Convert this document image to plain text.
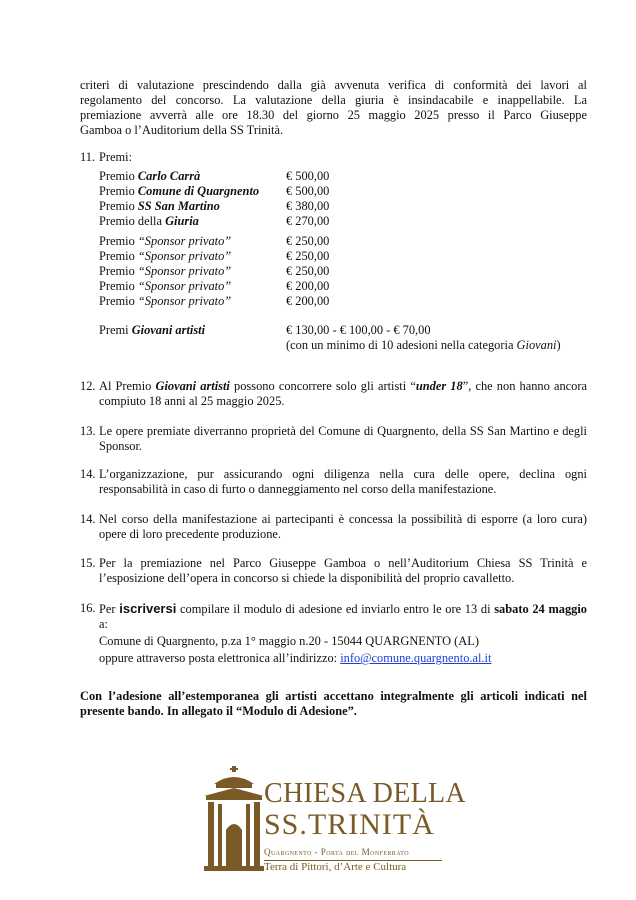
criteri di valutazione prescindendo dalla già avvenuta verifica di conformità dei lavori al
regolamento del concorso. La valutazione della giuria è insindacabile e inappellabile. La
premiazione avverrà alle ore 18.30 del giorno 25 maggio 2025 presso il Parco Giuseppe
Gamboa o l’Auditorium della SS Trinità.
11. Premi:
Premio Carlo Carrà	€ 500,00
Premio Comune di Quargnento € 500,00
Premio SS San Martino	€ 380,00
Premio della Giuria	€ 270,00
Premio “Sponsor privato”	€ 250,00
Premio “Sponsor privato”	€ 250,00
Premio “Sponsor privato”	€ 250,00
Premio “Sponsor privato”	€ 200,00
Premio “Sponsor privato”	€ 200,00
Premi Giovani artisti	€ 130,00 - € 100,00 - € 70,00
(con un minimo di 10 adesioni nella categoria Giovani)
12. Al Premio Giovani artisti possono concorrere solo gli artisti “under 18”, che non hanno ancora compiuto 18 anni al 25 maggio 2025.
13. Le opere premiate diverranno proprietà del Comune di Quargnento, della SS San Martino e degli Sponsor.
14. L’organizzazione, pur assicurando ogni diligenza nella cura delle opere, declina ogni responsabilità in caso di furto o danneggiamento nel corso della manifestazione.
14. Nel corso della manifestazione ai partecipanti è concessa la possibilità di esporre (a loro cura) opere di loro precedente produzione.
15. Per la premiazione nel Parco Giuseppe Gamboa o nell’Auditorium Chiesa SS Trinità e l’esposizione dell’opera in concorso si chiede la disponibilità del proprio cavalletto.
16. Per iscriversi compilare il modulo di adesione ed inviarlo entro le ore 13 di sabato 24 maggio a:
Comune di Quargnento, p.za 1° maggio n.20 - 15044 QUARGNENTO (AL)
oppure attraverso posta elettronica all’indirizzo: info@comune.quargnento.al.it
Con l’adesione all’estemporanea gli artisti accettano integralmente gli articoli indicati nel presente bando. In allegato il “Modulo di Adesione”.
CHIESA DELLA
SS.TRINITÀ
Quargnento - Porta del Monferrato
Terra di Pittori, d’Arte e Cultura
